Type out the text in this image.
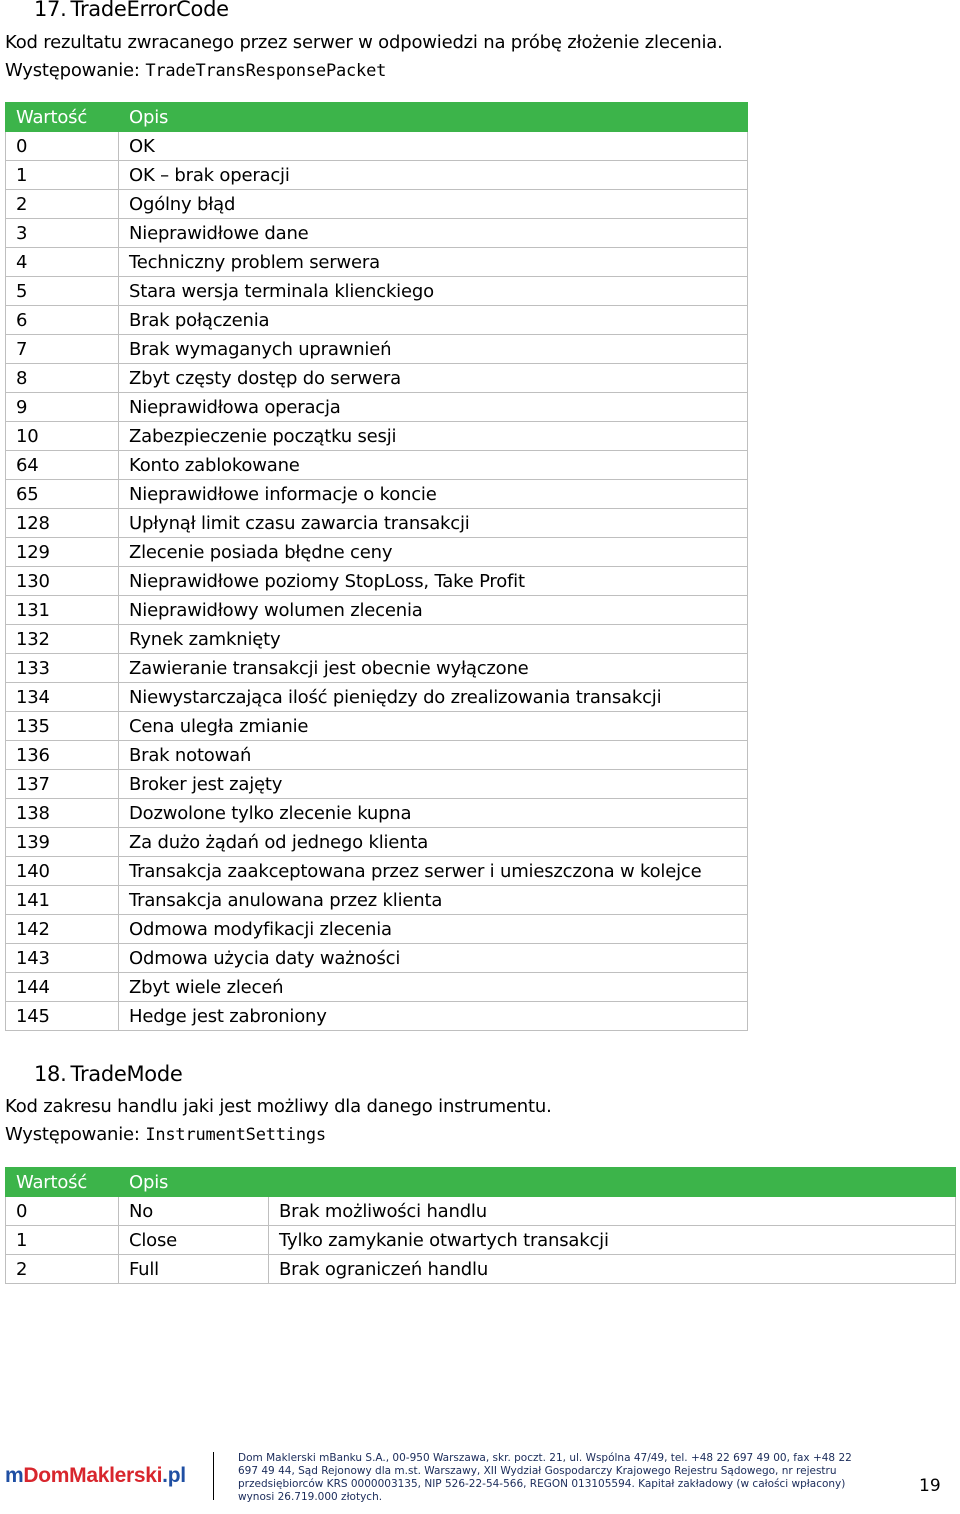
17. TradeErrorCode
Kod rezultatu zwracanego przez serwer w odpowiedzi na próbę złożenie zlecenia.
Występowanie: TradeTransResponsePacket
Wartość	Opis
0	OK
1	OK – brak operacji
2	Ogólny błąd
3	Nieprawidłowe dane
4	Techniczny problem serwera
5	Stara wersja terminala klienckiego
6	Brak połączenia
7	Brak wymaganych uprawnień
8	Zbyt częsty dostęp do serwera
9	Nieprawidłowa operacja
10	Zabezpieczenie początku sesji
64	Konto zablokowane
65	Nieprawidłowe informacje o koncie
128	Upłynął limit czasu zawarcia transakcji
129	Zlecenie posiada błędne ceny
130	Nieprawidłowe poziomy StopLoss, Take Profit
131	Nieprawidłowy wolumen zlecenia
132	Rynek zamknięty
133	Zawieranie transakcji jest obecnie wyłączone
134	Niewystarczająca ilość pieniędzy do zrealizowania transakcji
135	Cena uległa zmianie
136	Brak notowań
137	Broker jest zajęty
138	Dozwolone tylko zlecenie kupna
139	Za dużo żądań od jednego klienta
140	Transakcja zaakceptowana przez serwer i umieszczona w kolejce
141	Transakcja anulowana przez klienta
142	Odmowa modyfikacji zlecenia
143	Odmowa użycia daty ważności
144	Zbyt wiele zleceń
145	Hedge jest zabroniony
18. TradeMode
Kod zakresu handlu jaki jest możliwy dla danego instrumentu.
Występowanie: InstrumentSettings
Wartość	Opis	
0	No	Brak możliwości handlu
1	Close	Tylko zamykanie otwartych transakcji
2	Full	Brak ograniczeń handlu
mDomMaklerski.pl
Dom Maklerski mBanku S.A., 00-950 Warszawa, skr. poczt. 21, ul. Wspólna 47/49, tel. +48 22 697 49 00, fax +48 22 697 49 44, Sąd Rejonowy dla m.st. Warszawy, XII Wydział Gospodarczy Krajowego Rejestru Sądowego, nr rejestru przedsiębiorców KRS 0000003135, NIP 526-22-54-566, REGON 013105594. Kapitał zakładowy (w całości wpłacony) wynosi 26.719.000 złotych.
19
